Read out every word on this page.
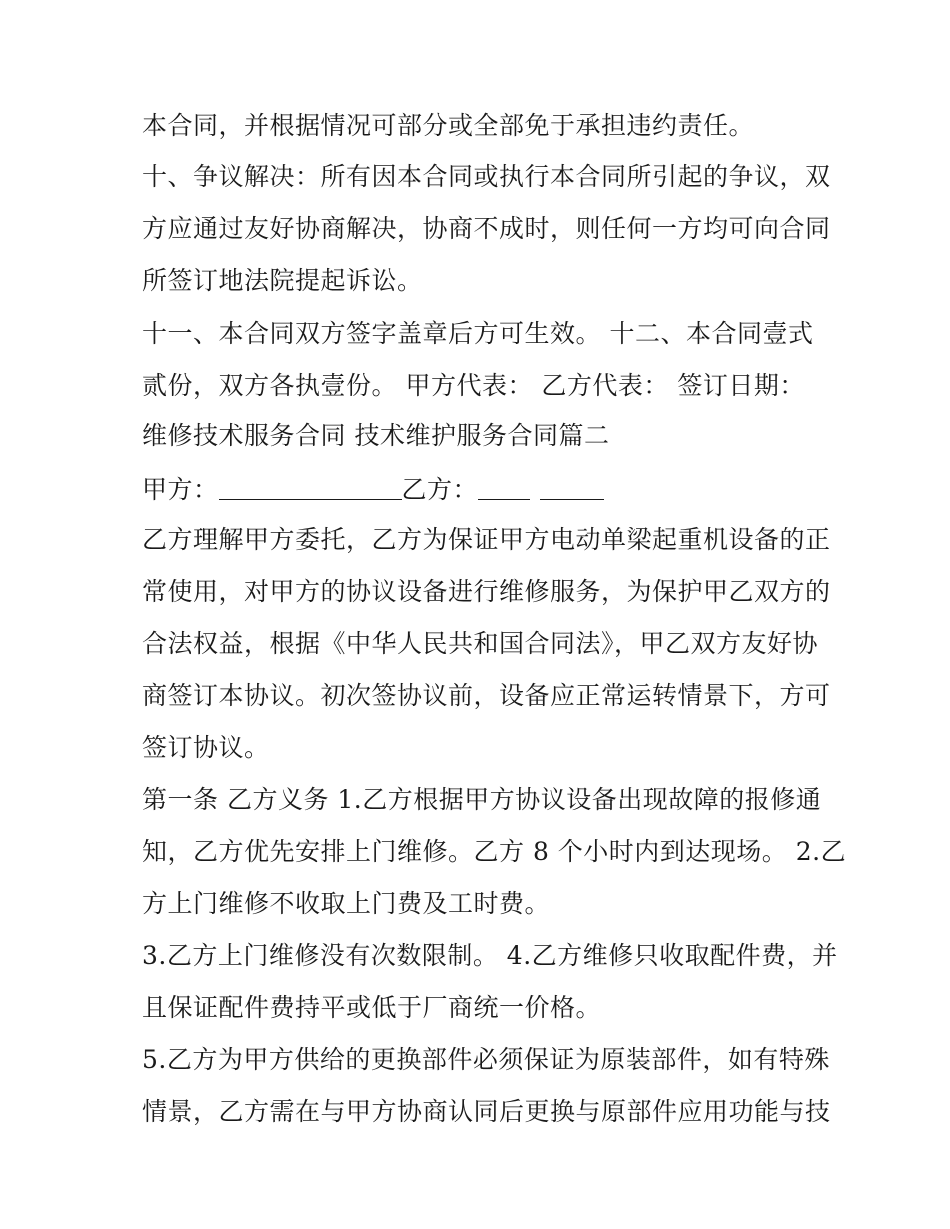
本合同，并根据情况可部分或全部免于承担违约责任。
十、争议解决：所有因本合同或执行本合同所引起的争议，双
方应通过友好协商解决，协商不成时，则任何一方均可向合同
所签订地法院提起诉讼。
十一、本合同双方签字盖章后方可生效。 十二、本合同壹式
贰份，双方各执壹份。 甲方代表： 乙方代表： 签订日期：
维修技术服务合同 技术维护服务合同篇二
甲方：	乙方：
乙方理解甲方委托，乙方为保证甲方电动单梁起重机设备的正
常使用，对甲方的协议设备进行维修服务，为保护甲乙双方的
合法权益，根据《中华人民共和国合同法》，甲乙双方友好协
商签订本协议。初次签协议前，设备应正常运转情景下，方可
签订协议。
第一条 乙方义务 1.乙方根据甲方协议设备出现故障的报修通
知，乙方优先安排上门维修。乙方 8 个小时内到达现场。 2.乙
方上门维修不收取上门费及工时费。
3.乙方上门维修没有次数限制。 4.乙方维修只收取配件费，并
且保证配件费持平或低于厂商统一价格。
5.乙方为甲方供给的更换部件必须保证为原装部件，如有特殊
情景，乙方需在与甲方协商认同后更换与原部件应用功能与技
